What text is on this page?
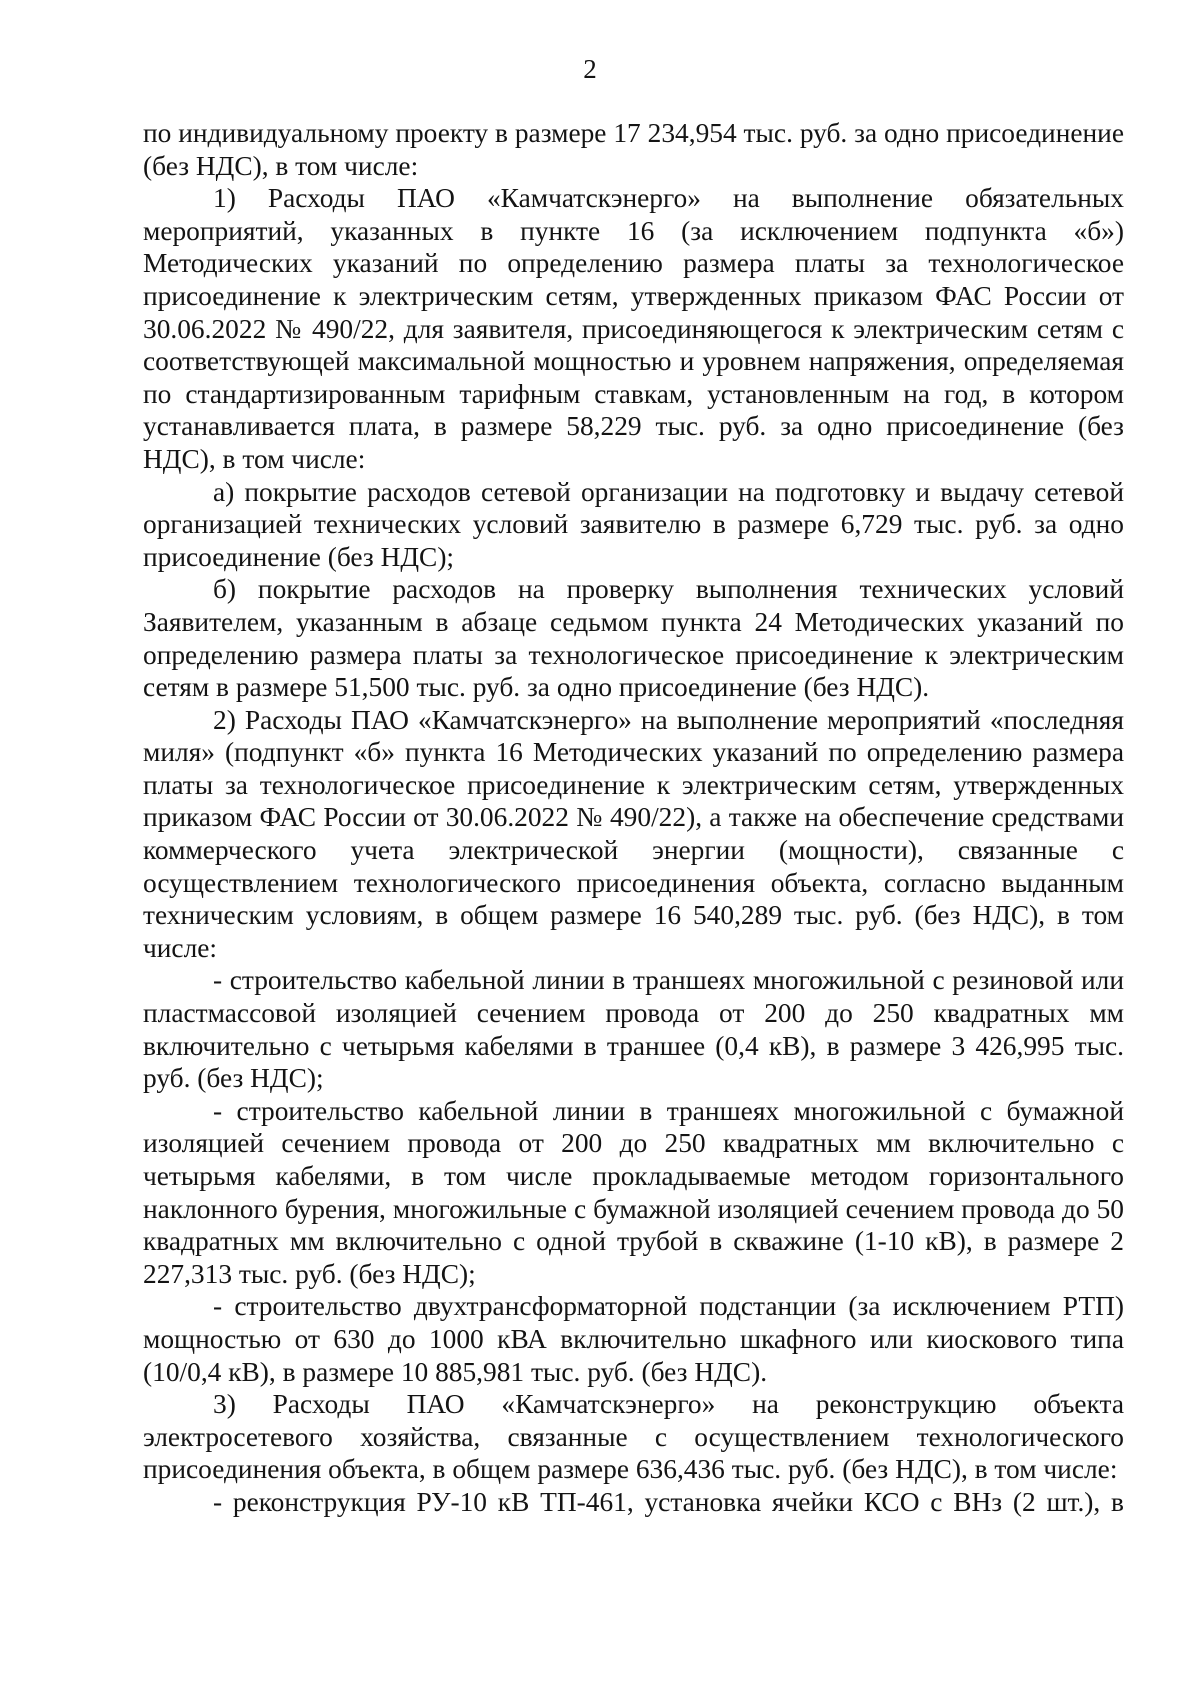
2

по индивидуальному проекту в размере 17 234,954 тыс. руб. за одно присоединение (без НДС), в том числе:

1) Расходы ПАО «Камчатскэнерго» на выполнение обязательных мероприятий, указанных в пункте 16 (за исключением подпункта «б») Методических указаний по определению размера платы за технологическое присоединение к электрическим сетям, утвержденных приказом ФАС России от 30.06.2022 № 490/22, для заявителя, присоединяющегося к электрическим сетям с соответствующей максимальной мощностью и уровнем напряжения, определяемая по стандартизированным тарифным ставкам, установленным на год, в котором устанавливается плата, в размере 58,229 тыс. руб. за одно присоединение (без НДС), в том числе:

а) покрытие расходов сетевой организации на подготовку и выдачу сетевой организацией технических условий заявителю в размере 6,729 тыс. руб. за одно присоединение (без НДС);

б) покрытие расходов на проверку выполнения технических условий Заявителем, указанным в абзаце седьмом пункта 24 Методических указаний по определению размера платы за технологическое присоединение к электрическим сетям в размере 51,500 тыс. руб. за одно присоединение (без НДС).

2) Расходы ПАО «Камчатскэнерго» на выполнение мероприятий «последняя миля» (подпункт «б» пункта 16 Методических указаний по определению размера платы за технологическое присоединение к электрическим сетям, утвержденных приказом ФАС России от 30.06.2022 № 490/22), а также на обеспечение средствами коммерческого учета электрической энергии (мощности), связанные с осуществлением технологического присоединения объекта, согласно выданным техническим условиям, в общем размере 16 540,289 тыс. руб. (без НДС), в том числе:

- строительство кабельной линии в траншеях многожильной с резиновой или пластмассовой изоляцией сечением провода от 200 до 250 квадратных мм включительно с четырьмя кабелями в траншее (0,4 кВ), в размере 3 426,995 тыс. руб. (без НДС);

- строительство кабельной линии в траншеях многожильной с бумажной изоляцией сечением провода от 200 до 250 квадратных мм включительно с четырьмя кабелями, в том числе прокладываемые методом горизонтального наклонного бурения, многожильные с бумажной изоляцией сечением провода до 50 квадратных мм включительно с одной трубой в скважине (1-10 кВ), в размере 2 227,313 тыс. руб. (без НДС);

- строительство двухтрансформаторной подстанции (за исключением РТП) мощностью от 630 до 1000 кВА включительно шкафного или киоскового типа (10/0,4 кВ), в размере 10 885,981 тыс. руб. (без НДС).

3) Расходы ПАО «Камчатскэнерго» на реконструкцию объекта электросетевого хозяйства, связанные с осуществлением технологического присоединения объекта, в общем размере 636,436 тыс. руб. (без НДС), в том числе:

- реконструкция РУ-10 кВ ТП-461, установка ячейки КСО с ВНз (2 шт.), в
